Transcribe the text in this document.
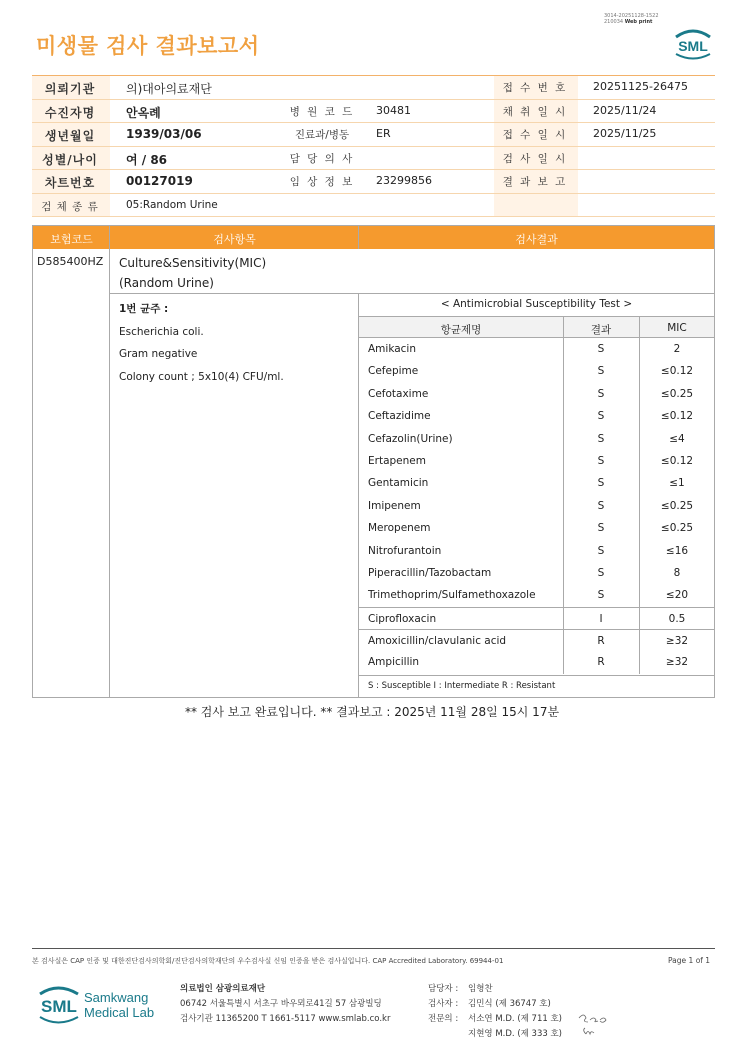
미생물 검사 결과보고서
3014-20251128-1522
210034 Web print
SML
의뢰기관	의)대아의료재단	접 수 번 호	20251125-26475
수진자명	안옥례	병 원 코 드	30481	채 취 일 시	2025/11/24
생년월일	1939/03/06	진료과/병동	ER	접 수 일 시	2025/11/25
성별/나이	여 / 86	담 당 의 사	검 사 일 시
차트번호	00127019	임 상 정 보	23299856	결 과 보 고
검 체 종 류	05:Random Urine
보험코드	검사항목	검사결과
D585400HZ Culture&Sensitivity(MIC)
(Random Urine)
1번 균주 :
Escherichia coli.
Gram negative
Colony count ; 5x10(4) CFU/ml.
< Antimicrobial Susceptibility Test >
항균제명	결과	MIC
Amikacin	S	2
Cefepime	S	≤0.12
Cefotaxime	S	≤0.25
Ceftazidime	S	≤0.12
Cefazolin(Urine)	S	≤4
Ertapenem	S	≤0.12
Gentamicin	S	≤1
Imipenem	S	≤0.25
Meropenem	S	≤0.25
Nitrofurantoin	S	≤16
Piperacillin/Tazobactam	S	8
Trimethoprim/Sulfamethoxazole	S	≤20
Ciprofloxacin	I	0.5
Amoxicillin/clavulanic acid	R	≥32
Ampicillin	R	≥32
S : Susceptible I : Intermediate R : Resistant
** 검사 보고 완료입니다. ** 결과보고 : 2025년 11월 28일 15시 17분
본 검사실은 CAP 인증 및 대한진단검사의학회/진단검사의학재단의 우수검사실 신임 인증을 받은 검사실입니다. CAP Accredited Laboratory. 69944-01	Page 1 of 1
SML Samkwang
Medical Lab
의료법인 삼광의료재단
06742 서울특별시 서초구 바우뫼로41길 57 삼광빌딩
검사기관 11365200 T 1661-5117 www.smlab.co.kr
담당자 : 임형찬
검사자 : 김민식 (제 36747 호)
전문의 : 서소연 M.D. (제 711 호)
지현영 M.D. (제 333 호)
